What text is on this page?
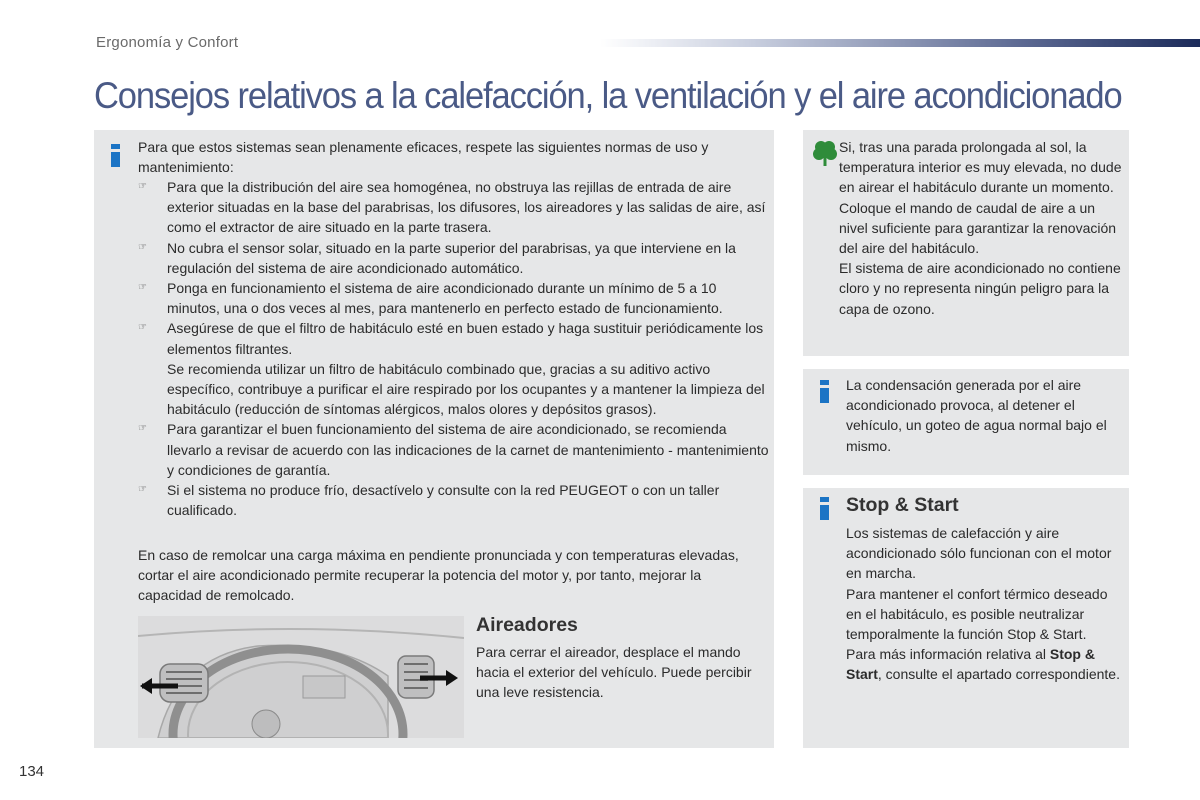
Ergonomía y Confort
Consejos relativos a la calefacción, la ventilación y el aire acondicionado

Para que estos sistemas sean plenamente eficaces, respete las siguientes normas de uso y mantenimiento:

☞ Para que la distribución del aire sea homogénea, no obstruya las rejillas de entrada de aire exterior situadas en la base del parabrisas, los difusores, los aireadores y las salidas de aire, así como el extractor de aire situado en la parte trasera.
☞ No cubra el sensor solar, situado en la parte superior del parabrisas, ya que interviene en la regulación del sistema de aire acondicionado automático.
☞ Ponga en funcionamiento el sistema de aire acondicionado durante un mínimo de 5 a 10 minutos, una o dos veces al mes, para mantenerlo en perfecto estado de funcionamiento.
☞ Asegúrese de que el filtro de habitáculo esté en buen estado y haga sustituir periódicamente los elementos filtrantes.
Se recomienda utilizar un filtro de habitáculo combinado que, gracias a su aditivo activo específico, contribuye a purificar el aire respirado por los ocupantes y a mantener la limpieza del habitáculo (reducción de síntomas alérgicos, malos olores y depósitos grasos).
☞ Para garantizar el buen funcionamiento del sistema de aire acondicionado, se recomienda llevarlo a revisar de acuerdo con las indicaciones de la carnet de mantenimiento - mantenimiento y condiciones de garantía.
☞ Si el sistema no produce frío, desactívelo y consulte con la red PEUGEOT o con un taller cualificado.

En caso de remolcar una carga máxima en pendiente pronunciada y con temperaturas elevadas, cortar el aire acondicionado permite recuperar la potencia del motor y, por tanto, mejorar la capacidad de remolcado.

Aireadores

Para cerrar el aireador, desplace el mando hacia el exterior del vehículo. Puede percibir una leve resistencia.

Si, tras una parada prolongada al sol, la temperatura interior es muy elevada, no dude en airear el habitáculo durante un momento.
Coloque el mando de caudal de aire a un nivel suficiente para garantizar la renovación del aire del habitáculo.
El sistema de aire acondicionado no contiene cloro y no representa ningún peligro para la capa de ozono.

La condensación generada por el aire acondicionado provoca, al detener el vehículo, un goteo de agua normal bajo el mismo.

Stop & Start

Los sistemas de calefacción y aire acondicionado sólo funcionan con el motor en marcha.
Para mantener el confort térmico deseado en el habitáculo, es posible neutralizar temporalmente la función Stop & Start.
Para más información relativa al Stop & Start, consulte el apartado correspondiente.

134
